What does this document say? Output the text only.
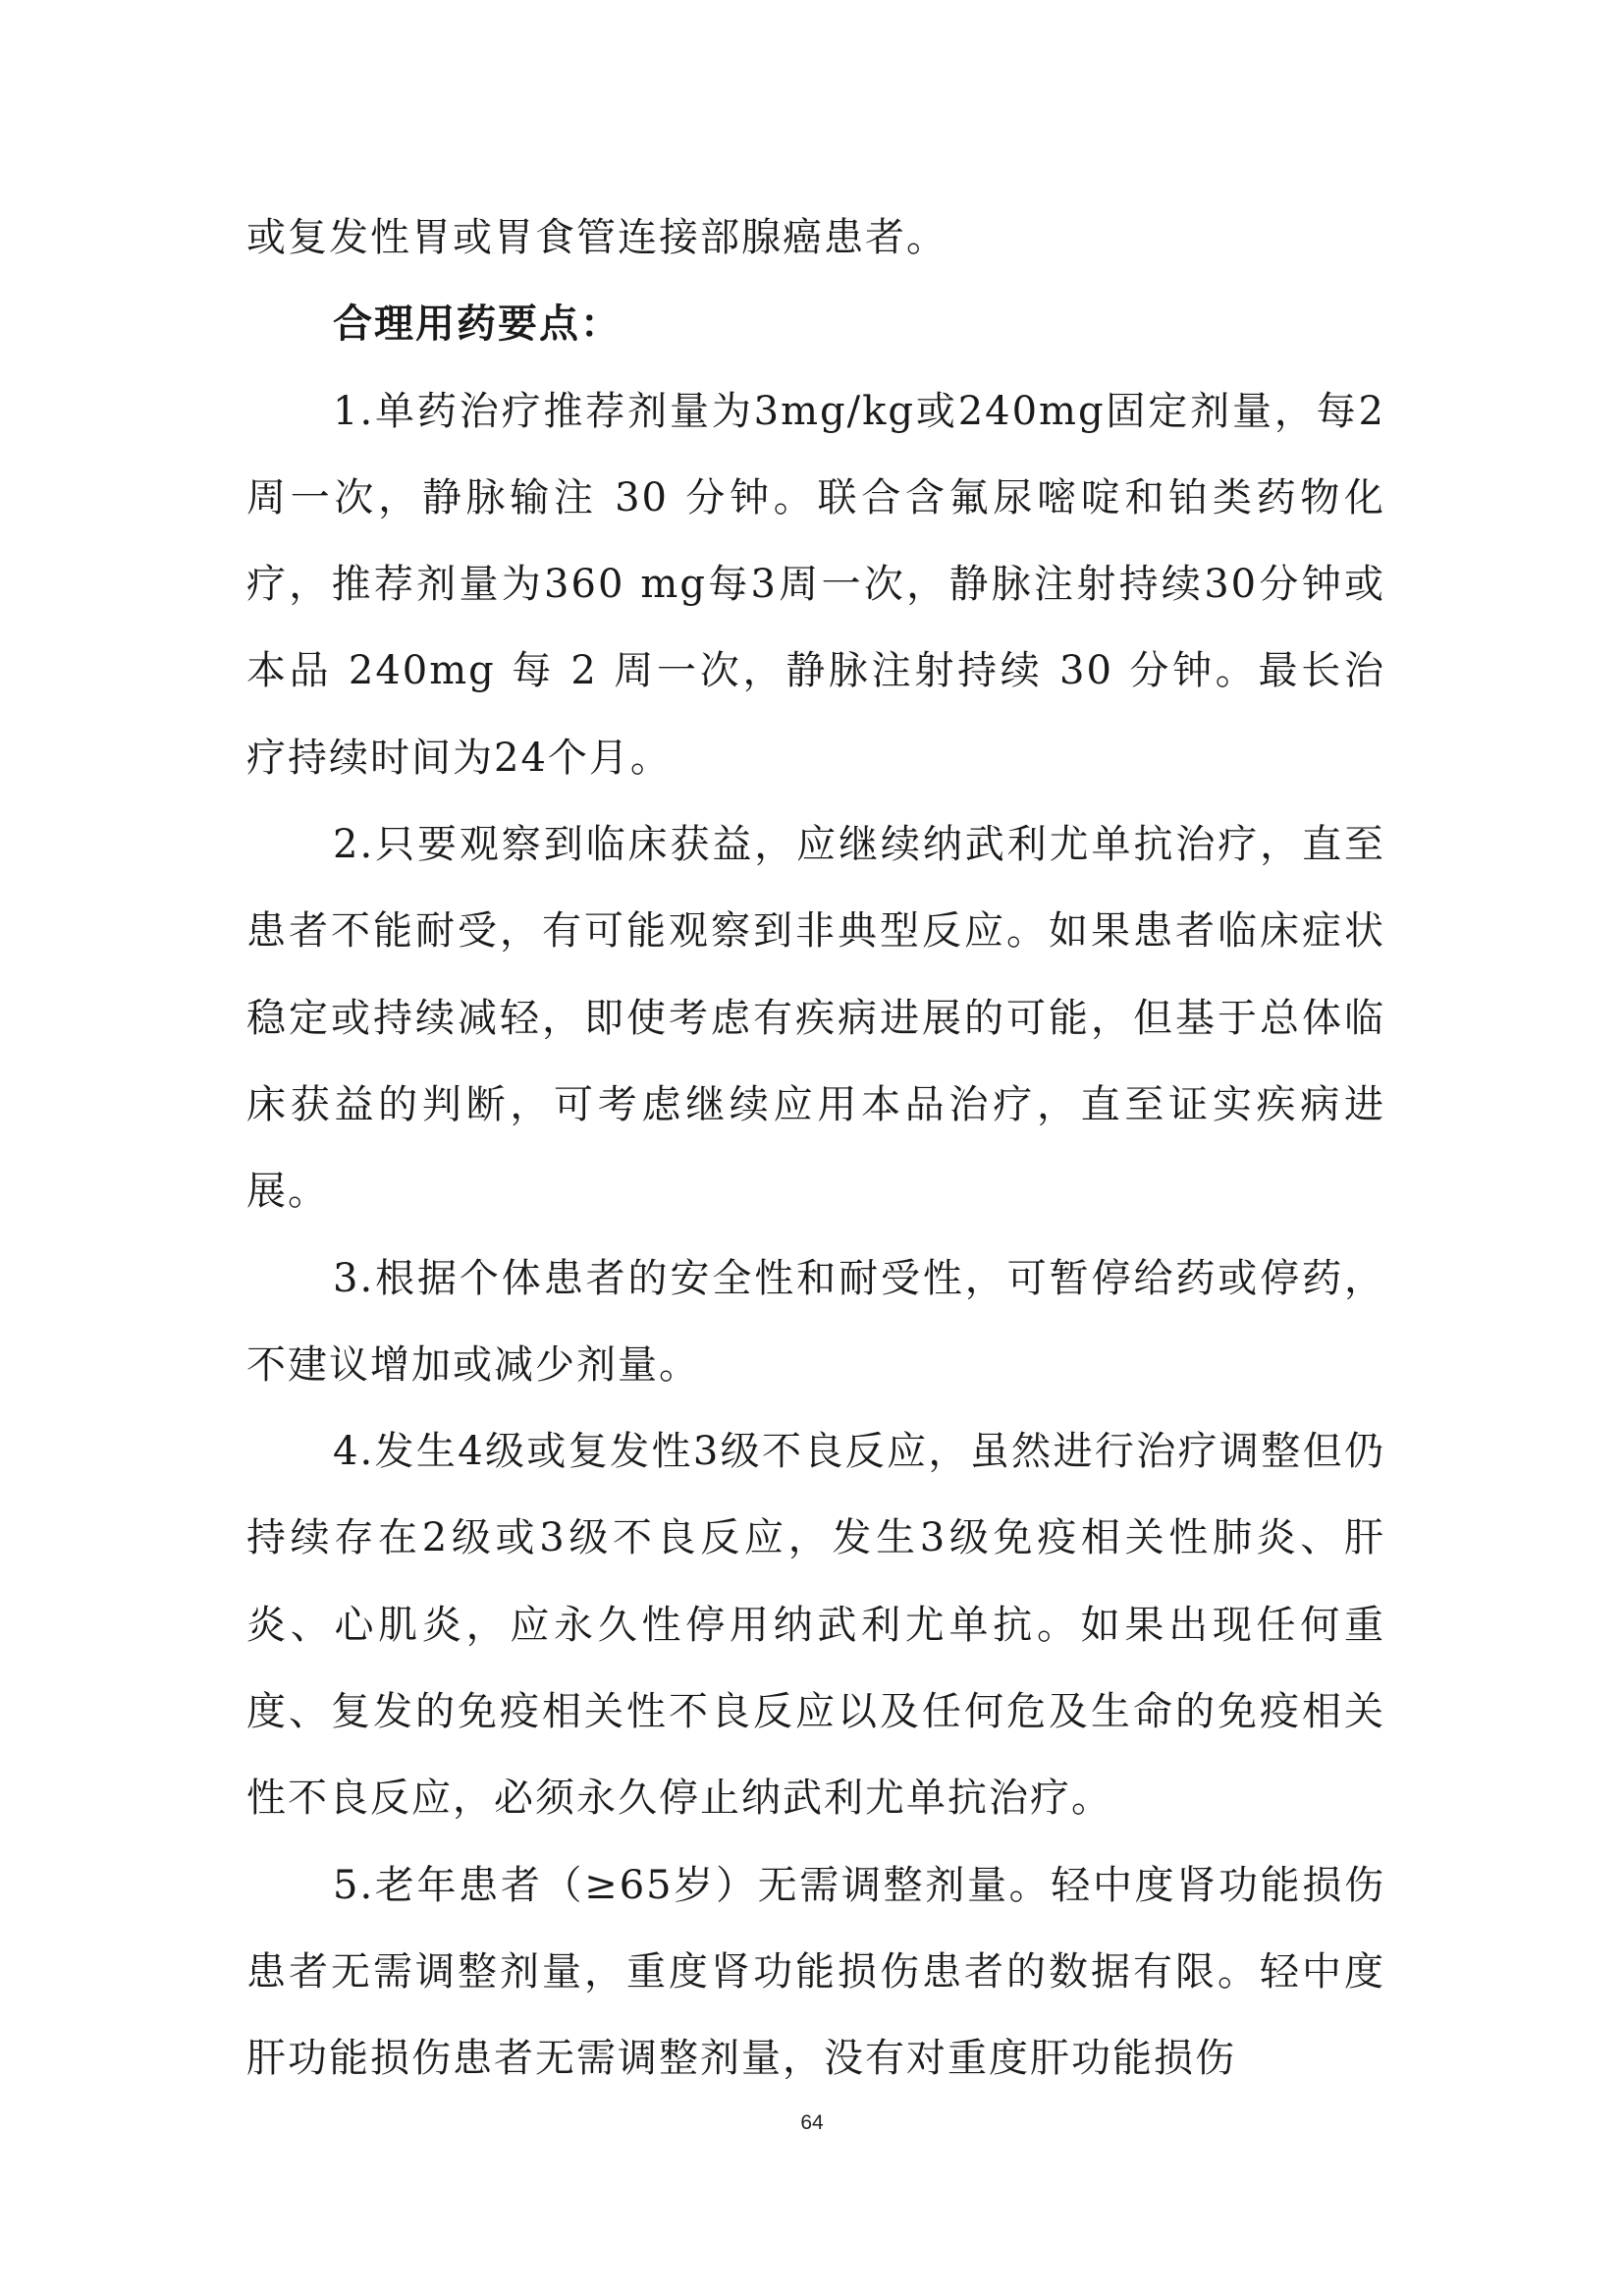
或复发性胃或胃食管连接部腺癌患者。

合理用药要点：

1.单药治疗推荐剂量为3mg/kg或240mg固定剂量，每2周一次，静脉输注 30 分钟。联合含氟尿嘧啶和铂类药物化疗，推荐剂量为360 mg每3周一次，静脉注射持续30分钟或本品 240mg 每 2 周一次，静脉注射持续 30 分钟。最长治疗持续时间为24个月。

2.只要观察到临床获益，应继续纳武利尤单抗治疗，直至患者不能耐受，有可能观察到非典型反应。如果患者临床症状稳定或持续减轻，即使考虑有疾病进展的可能，但基于总体临床获益的判断，可考虑继续应用本品治疗，直至证实疾病进展。

3.根据个体患者的安全性和耐受性，可暂停给药或停药，不建议增加或减少剂量。

4.发生4级或复发性3级不良反应，虽然进行治疗调整但仍持续存在2级或3级不良反应，发生3级免疫相关性肺炎、肝炎、心肌炎，应永久性停用纳武利尤单抗。如果出现任何重度、复发的免疫相关性不良反应以及任何危及生命的免疫相关性不良反应，必须永久停止纳武利尤单抗治疗。

5.老年患者（≥65岁）无需调整剂量。轻中度肾功能损伤患者无需调整剂量，重度肾功能损伤患者的数据有限。轻中度肝功能损伤患者无需调整剂量，没有对重度肝功能损伤

64
